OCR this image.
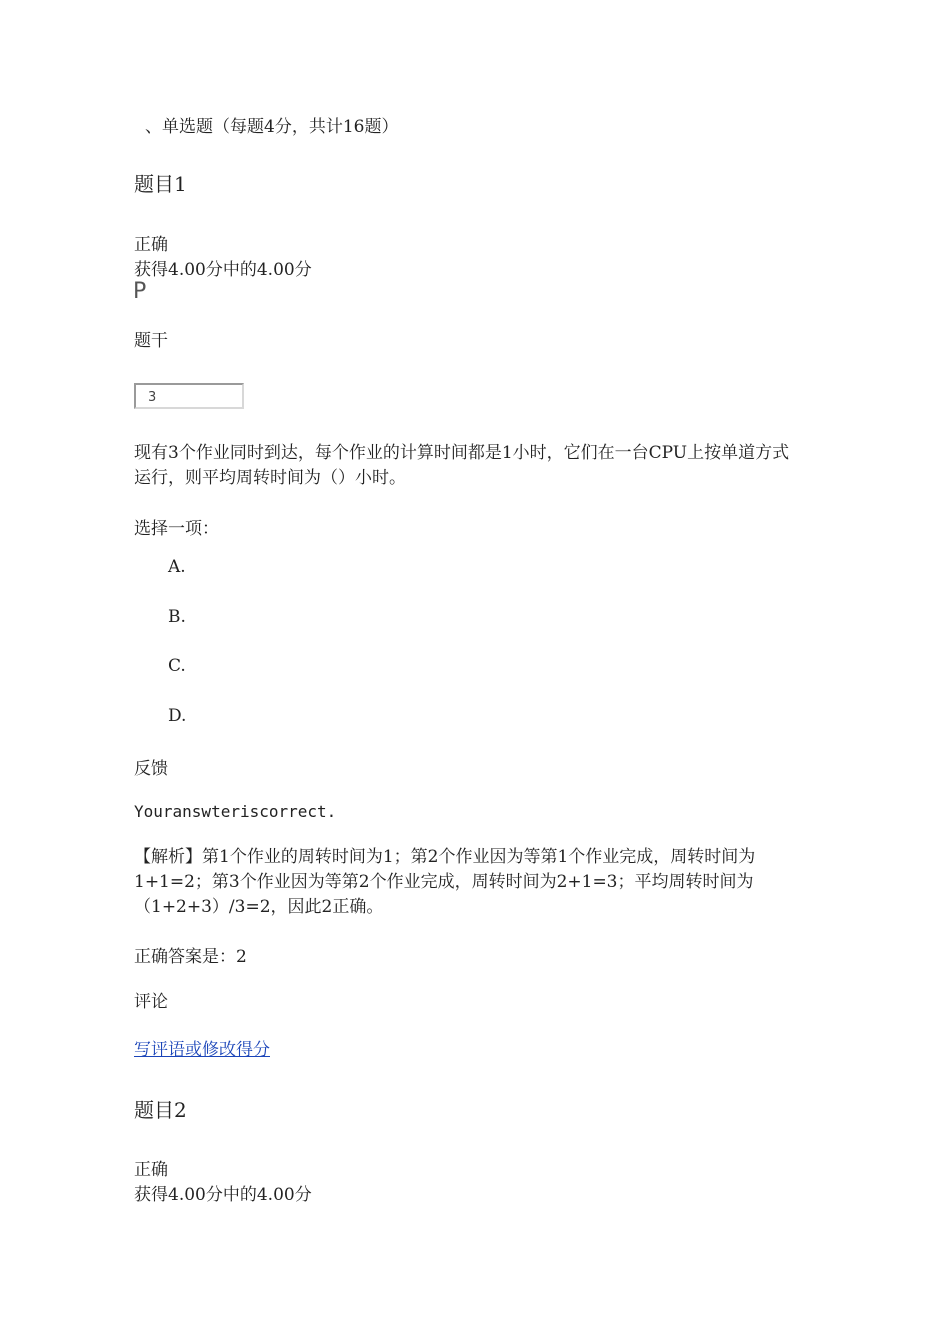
、单选题（每题4分，共计16题）
题目1
正确
获得4.00分中的4.00分
P
题干
3
现有3个作业同时到达，每个作业的计算时间都是1小时，它们在一台CPU上按单道方式运行，则平均周转时间为（）小时。
选择一项：
A.
B.
C.
D.
反馈
Youranswteriscorrect.
【解析】第1个作业的周转时间为1；第2个作业因为等第1个作业完成，周转时间为1+1=2；第3个作业因为等第2个作业完成，周转时间为2+1=3；平均周转时间为（1+2+3）/3=2，因此2正确。
正确答案是：2
评论
写评语或修改得分
题目2
正确
获得4.00分中的4.00分
